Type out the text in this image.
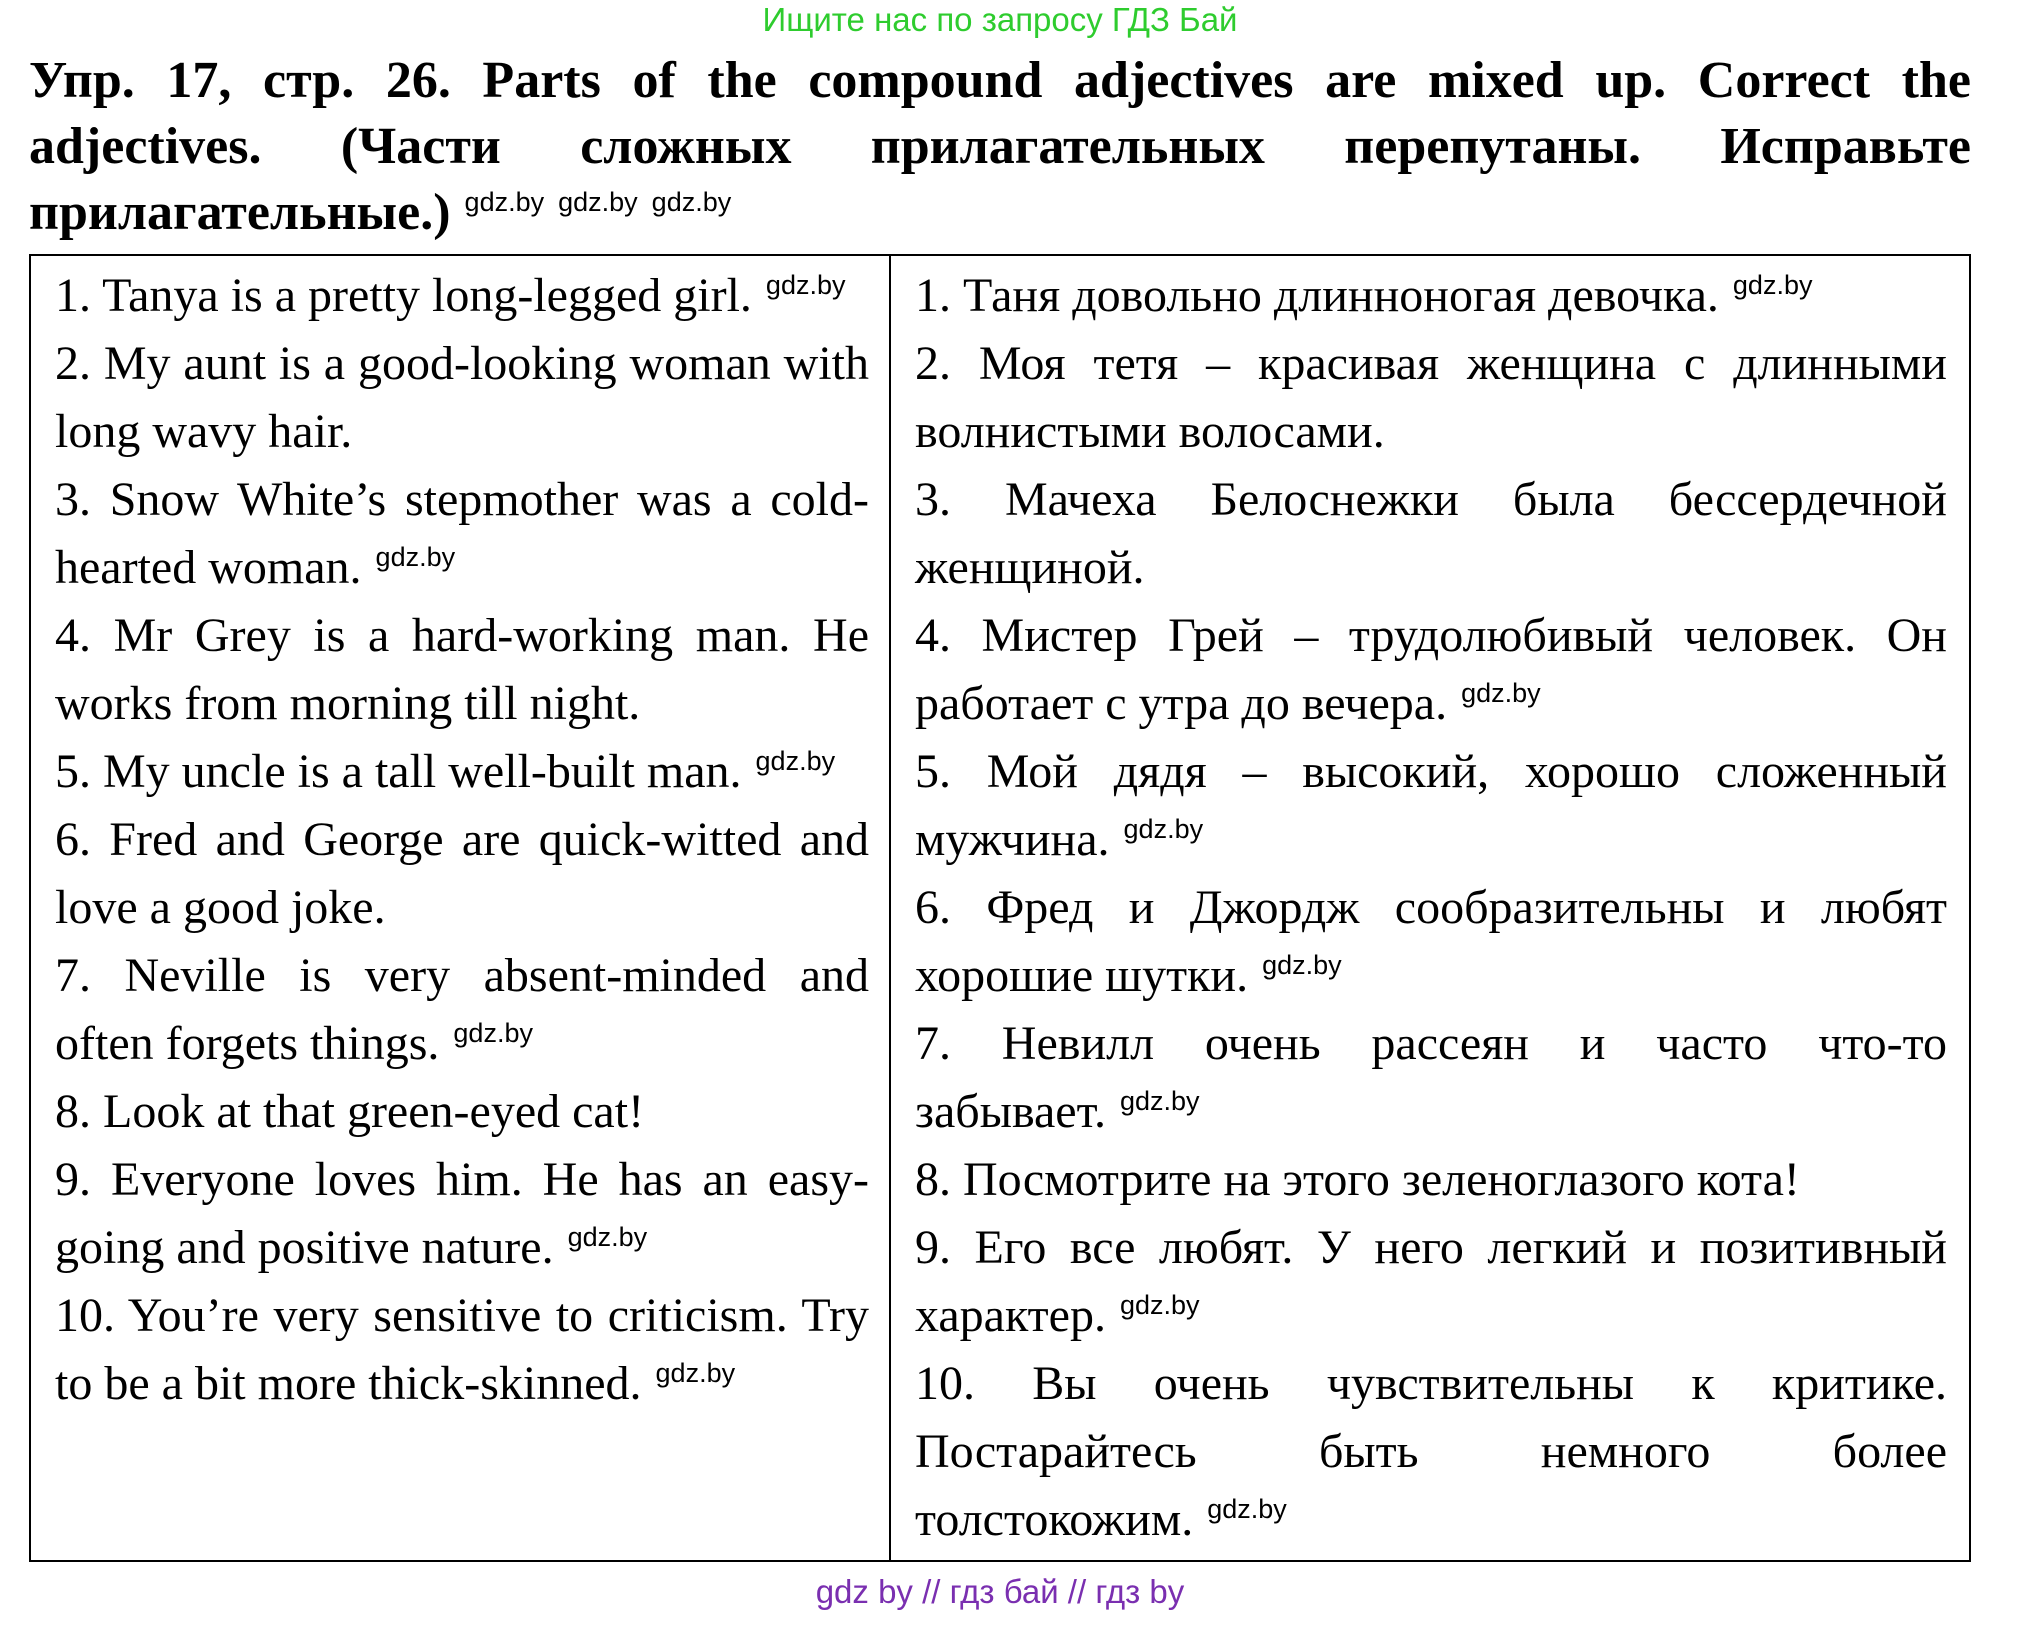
Ищите нас по запросу ГДЗ Бай
Упр. 17, стр. 26. Parts of the compound adjectives are mixed up. Correct the adjectives. (Части сложных прилагательных перепутаны. Исправьте прилагательные.) $^{gdz.by}$ $^{gdz.by}$ $^{gdz.by}$
1. Tanya is a pretty long-legged girl. $^{gdz.by}$
2. My aunt is a good-looking woman with long wavy hair.
3. Snow White’s stepmother was a cold-hearted woman. $^{gdz.by}$
4. Mr Grey is a hard-working man. He works from morning till night.
5. My uncle is a tall well-built man. $^{gdz.by}$
6. Fred and George are quick-witted and love a good joke.
7. Neville is very absent-minded and often forgets things. $^{gdz.by}$
8. Look at that green-eyed cat!
9. Everyone loves him. He has an easy-going and positive nature. $^{gdz.by}$
10. You’re very sensitive to criticism. Try to be a bit more thick-skinned. $^{gdz.by}$
1. Таня довольно длинноногая девочка. $^{gdz.by}$
2. Моя тетя – красивая женщина с длинными волнистыми волосами.
3. Мачеха Белоснежки была бессердечной женщиной.
4. Мистер Грей – трудолюбивый человек. Он работает с утра до вечера. $^{gdz.by}$
5. Мой дядя – высокий, хорошо сложенный мужчина. $^{gdz.by}$
6. Фред и Джордж сообразительны и любят хорошие шутки. $^{gdz.by}$
7. Невилл очень рассеян и часто что-то забывает. $^{gdz.by}$
8. Посмотрите на этого зеленоглазого кота!
9. Его все любят. У него легкий и позитивный характер. $^{gdz.by}$
10. Вы очень чувствительны к критике. Постарайтесь быть немного более толстокожим. $^{gdz.by}$
gdz by // гдз бай // гдз by
